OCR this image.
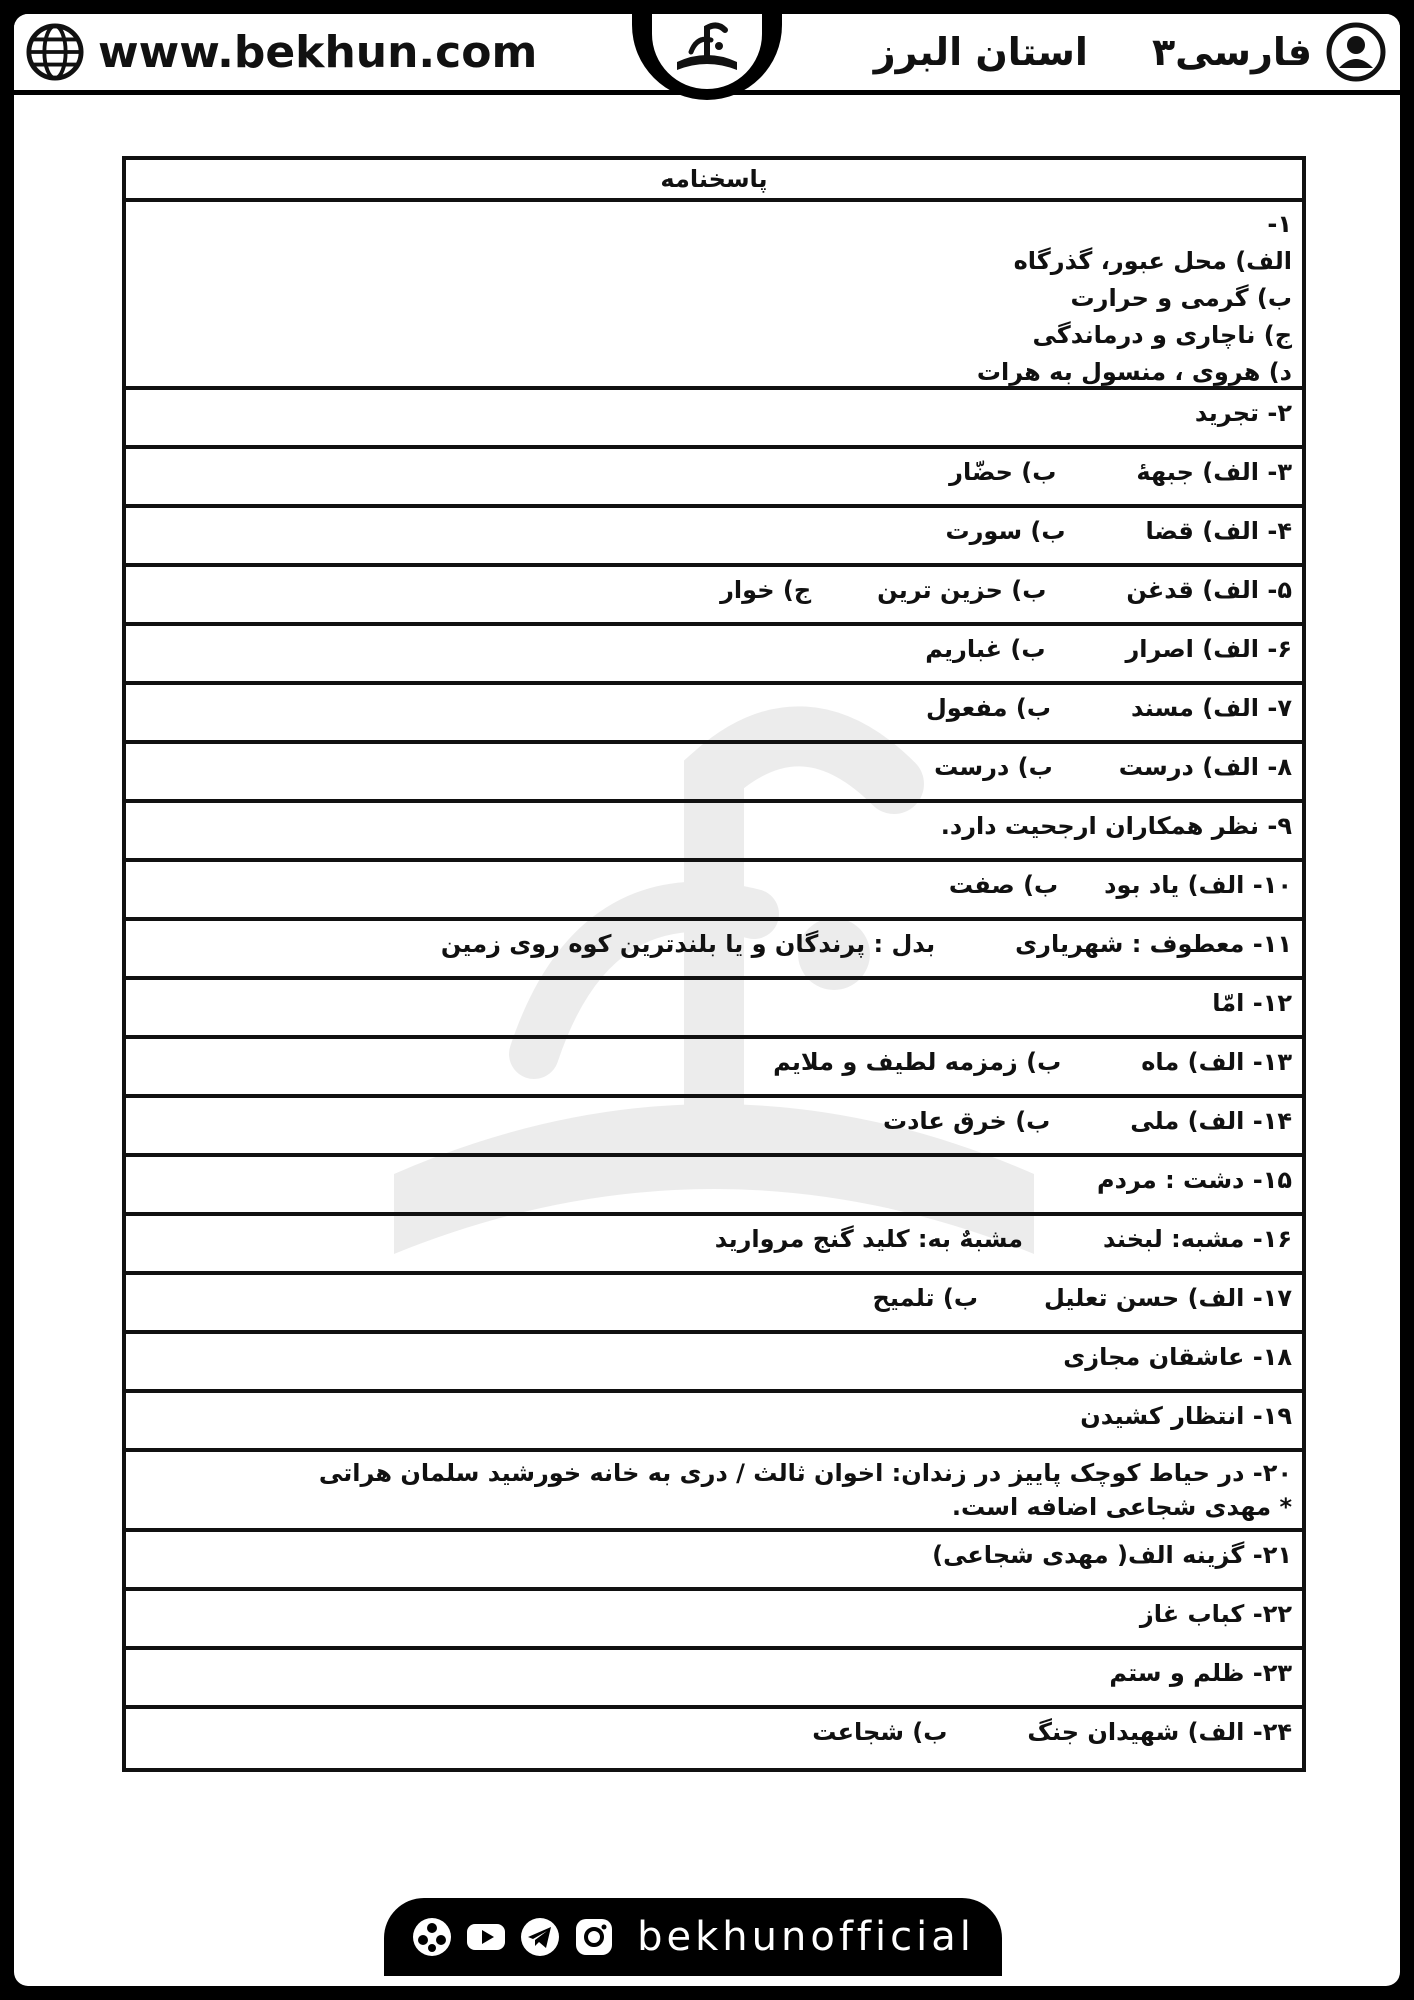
www.bekhun.com	فارسی۳
استان البرز
پاسخنامه
۱-
الف) محل عبور، گذرگاه
ب) گرمی و حرارت
ج) ناچاری و درماندگی
د) هروی ، منسول به هرات
۲- تجرید
۳- الف) جبههٔب) حضّار
۴- الف) قضاب) سورت
۵- الف) قدغنب) حزین ترینج) خوار
۶- الف) اصرارب) غباریم
۷- الف) مسندب) مفعول
۸- الف) درستب) درست
۹- نظر همکاران ارجحیت دارد.
۱۰- الف) یاد بودب) صفت
۱۱- معطوف : شهریاریبدل : پرندگان و یا بلندترین کوه روی زمین
۱۲- امّا
۱۳- الف) ماهب) زمزمه لطیف و ملایم
۱۴- الف) ملیب) خرق عادت
۱۵- دشت : مردم
۱۶- مشبه: لبخندمشبهٌ به: کلید گنج مروارید
۱۷- الف) حسن تعلیلب) تلمیح
۱۸- عاشقان مجازی
۱۹- انتظار کشیدن
۲۰- در حیاط کوچک پاییز در زندان: اخوان ثالث / دری به خانه خورشید سلمان هراتی
* مهدی شجاعی اضافه است.
۲۱- گزینه الف( مهدی شجاعی)
۲۲- کباب غاز
۲۳- ظلم و ستم
۲۴- الف) شهیدان جنگب) شجاعت
bekhunofficial
